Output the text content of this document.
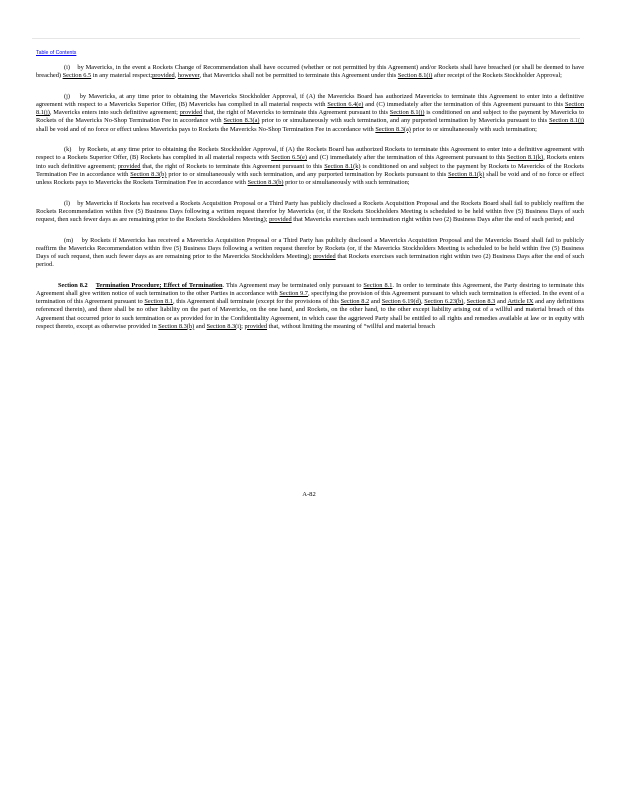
Table of Contents

(i) by Mavericks, in the event a Rockets Change of Recommendation shall have occurred (whether or not permitted by this Agreement) and/or Rockets shall have breached (or shall be deemed to have breached) Section 6.5 in any material respect;provided, however, that Mavericks shall not be permitted to terminate this Agreement under this Section 8.1(i) after receipt of the Rockets Stockholder Approval;

(j) by Mavericks, at any time prior to obtaining the Mavericks Stockholder Approval, if (A) the Mavericks Board has authorized Mavericks to terminate this Agreement to enter into a definitive agreement with respect to a Mavericks Superior Offer, (B) Mavericks has complied in all material respects with Section 6.4(e) and (C) immediately after the termination of this Agreement pursuant to this Section 8.1(j), Mavericks enters into such definitive agreement; provided that, the right of Mavericks to terminate this Agreement pursuant to this Section 8.1(j) is conditioned on and subject to the payment by Mavericks to Rockets of the Mavericks No-Shop Termination Fee in accordance with Section 8.3(a) prior to or simultaneously with such termination, and any purported termination by Mavericks pursuant to this Section 8.1(j) shall be void and of no force or effect unless Mavericks pays to Rockets the Mavericks No-Shop Termination Fee in accordance with Section 8.3(a) prior to or simultaneously with such termination;

(k) by Rockets, at any time prior to obtaining the Rockets Stockholder Approval, if (A) the Rockets Board has authorized Rockets to terminate this Agreement to enter into a definitive agreement with respect to a Rockets Superior Offer, (B) Rockets has complied in all material respects with Section 6.5(e) and (C) immediately after the termination of this Agreement pursuant to this Section 8.1(k), Rockets enters into such definitive agreement; provided that, the right of Rockets to terminate this Agreement pursuant to this Section 8.1(k) is conditioned on and subject to the payment by Rockets to Mavericks of the Rockets Termination Fee in accordance with Section 8.3(b) prior to or simultaneously with such termination, and any purported termination by Rockets pursuant to this Section 8.1(k) shall be void and of no force or effect unless Rockets pays to Mavericks the Rockets Termination Fee in accordance with Section 8.3(b) prior to or simultaneously with such termination;

(l) by Mavericks if Rockets has received a Rockets Acquisition Proposal or a Third Party has publicly disclosed a Rockets Acquisition Proposal and the Rockets Board shall fail to publicly reaffirm the Rockets Recommendation within five (5) Business Days following a written request therefor by Mavericks (or, if the Rockets Stockholders Meeting is scheduled to be held within five (5) Business Days of such request, then such fewer days as are remaining prior to the Rockets Stockholders Meeting); provided that Mavericks exercises such termination right within two (2) Business Days after the end of such period; and

(m) by Rockets if Mavericks has received a Mavericks Acquisition Proposal or a Third Party has publicly disclosed a Mavericks Acquisition Proposal and the Mavericks Board shall fail to publicly reaffirm the Mavericks Recommendation within five (5) Business Days following a written request therefor by Rockets (or, if the Mavericks Stockholders Meeting is scheduled to be held within five (5) Business Days of such request, then such fewer days as are remaining prior to the Mavericks Stockholders Meeting); provided that Rockets exercises such termination right within two (2) Business Days after the end of such period.

Section 8.2 Termination Procedure; Effect of Termination. This Agreement may be terminated only pursuant to Section 8.1. In order to terminate this Agreement, the Party desiring to terminate this Agreement shall give written notice of such termination to the other Parties in accordance with Section 9.7, specifying the provision of this Agreement pursuant to which such termination is effected. In the event of a termination of this Agreement pursuant to Section 8.1, this Agreement shall terminate (except for the provisions of this Section 8.2 and Section 6.19(d), Section 6.23(b), Section 8.3 and Article IX and any definitions referenced therein), and there shall be no other liability on the part of Mavericks, on the one hand, and Rockets, on the other hand, to the other except liability arising out of a willful and material breach of this Agreement that occurred prior to such termination or as provided for in the Confidentiality Agreement, in which case the aggrieved Party shall be entitled to all rights and remedies available at law or in equity with respect thereto, except as otherwise provided in Section 8.3(h) and Section 8.3(i); provided that, without limiting the meaning of “willful and material breach

A-82
